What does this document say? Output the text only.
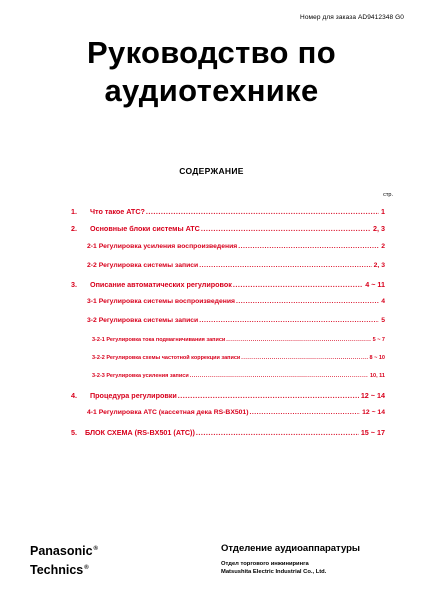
Номер для заказа AD9412348 G0
Руководство по
аудиотехнике
СОДЕРЖАНИЕ
стр.
1.	Что такое ATC? .....	1
2.	Основные блоки системы ATC .....	2, 3
2-1 Регулировка усиления воспроизведения .....	2
2-2 Регулировка системы записи .....	2, 3
3.	Описание автоматических регулировок .....	4 ~ 11
3-1 Регулировка системы воспроизведения .....	4
3-2 Регулировка системы записи .....	5
3-2-1 Регулировка тока подмагничивания записи .....	5 ~ 7
3-2-2 Регулировка схемы частотной коррекции записи .....	8 ~ 10
3-2-3 Регулировка усиления записи .....	10, 11
4.	Процедура регулировки .....	12 ~ 14
4-1 Регулировка ATC (кассетная дека RS-BX501) .....	12 ~ 14
5.	БЛОК СХЕМА (RS-BX501 (ATC)) .....	15 ~ 17
Panasonic®
Technics®
Отделение аудиоаппаратуры
Отдел торгового инжиниринга
Matsushita Electric Industrial Co., Ltd.
